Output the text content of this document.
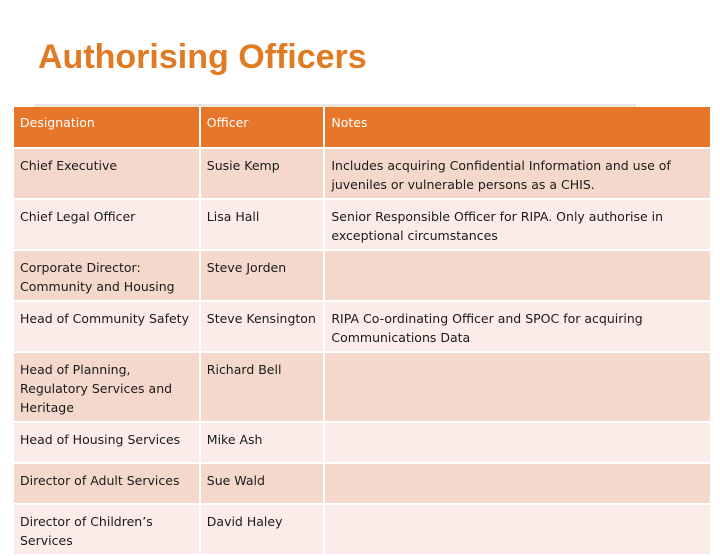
Authorising Officers
Designation	Officer	Notes
Chief Executive	Susie Kemp	Includes acquiring Confidential Information and use of juveniles or vulnerable persons as a CHIS.
Chief Legal Officer	Lisa Hall	Senior Responsible Officer for RIPA. Only authorise in exceptional circumstances
Corporate Director: Community and Housing	Steve Jorden	
Head of Community Safety	Steve Kensington	RIPA Co-ordinating Officer and SPOC for acquiring Communications Data
Head of Planning, Regulatory Services and Heritage	Richard Bell	
Head of Housing Services	Mike Ash	
Director of Adult Services	Sue Wald	
Director of Children’s Services	David Haley	
